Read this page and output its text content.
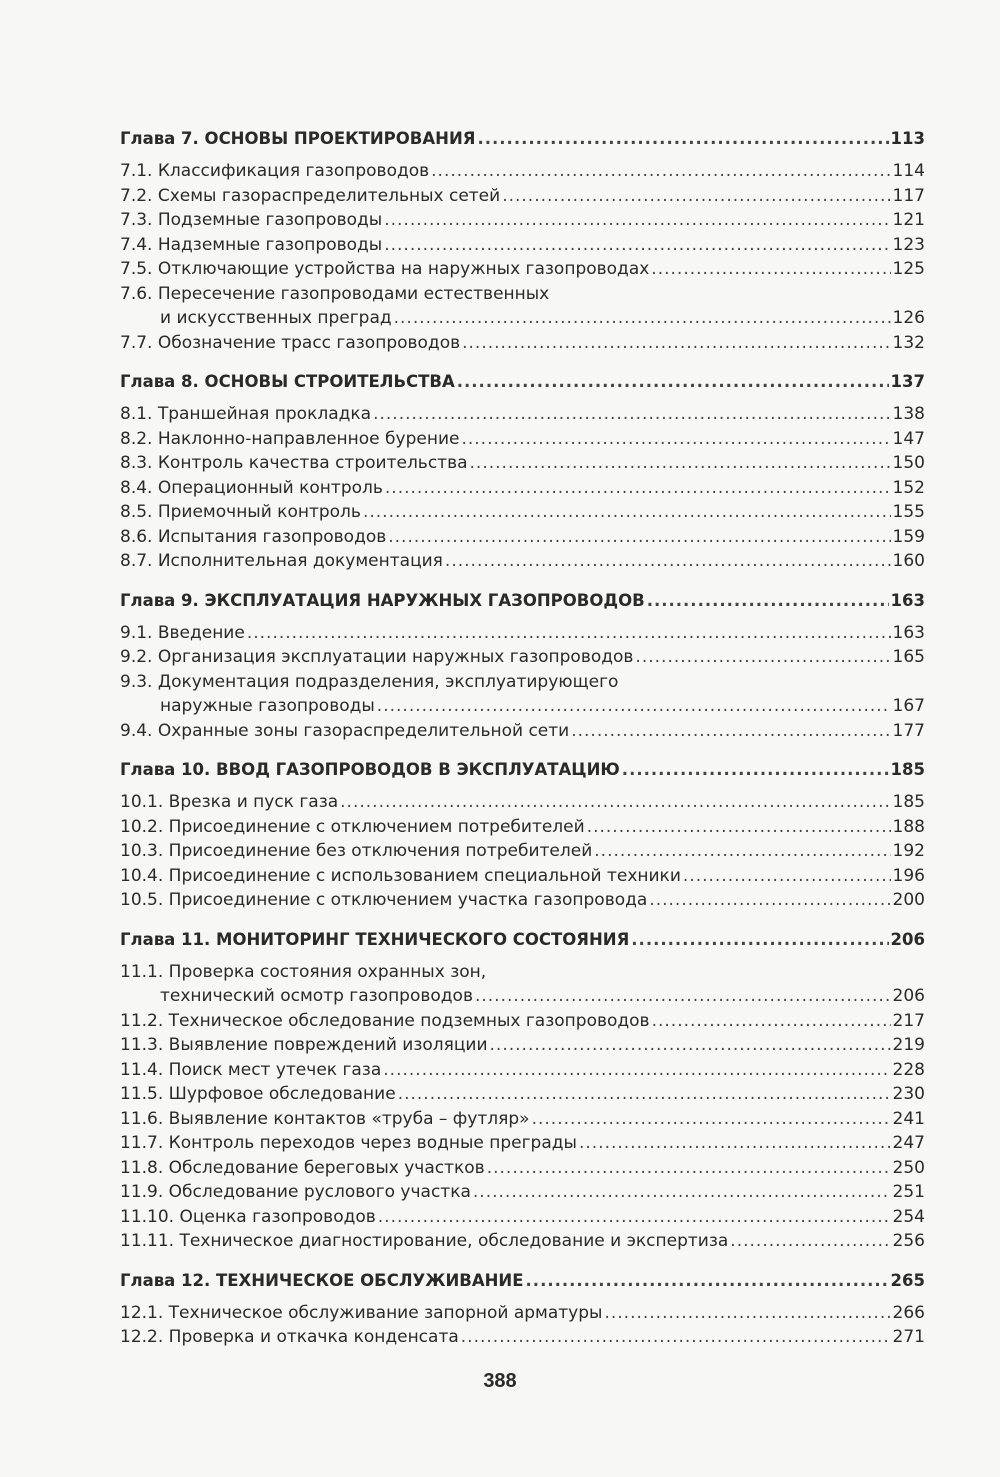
Глава 7. ОСНОВЫ ПРОЕКТИРОВАНИЯ .....	113
7.1. Классификация газопроводов .....	114
7.2. Схемы газораспределительных сетей .....	117
7.3. Подземные газопроводы .....	121
7.4. Надземные газопроводы .....	123
7.5. Отключающие устройства на наружных газопроводах .....	125
7.6. Пересечение газопроводами естественных
и искусственных преград .....	126
7.7. Обозначение трасс газопроводов .....	132
Глава 8. ОСНОВЫ СТРОИТЕЛЬСТВА .....	137
8.1. Траншейная прокладка .....	138
8.2. Наклонно-направленное бурение .....	147
8.3. Контроль качества строительства .....	150
8.4. Операционный контроль .....	152
8.5. Приемочный контроль .....	155
8.6. Испытания газопроводов .....	159
8.7. Исполнительная документация .....	160
Глава 9. ЭКСПЛУАТАЦИЯ НАРУЖНЫХ ГАЗОПРОВОДОВ .....	163
9.1. Введение .....	163
9.2. Организация эксплуатации наружных газопроводов .....	165
9.3. Документация подразделения, эксплуатирующего
наружные газопроводы .....	167
9.4. Охранные зоны газораспределительной сети .....	177
Глава 10. ВВОД ГАЗОПРОВОДОВ В ЭКСПЛУАТАЦИЮ .....	185
10.1. Врезка и пуск газа .....	185
10.2. Присоединение с отключением потребителей .....	188
10.3. Присоединение без отключения потребителей .....	192
10.4. Присоединение с использованием специальной техники .....	196
10.5. Присоединение с отключением участка газопровода .....	200
Глава 11. МОНИТОРИНГ ТЕХНИЧЕСКОГО СОСТОЯНИЯ .....	206
11.1. Проверка состояния охранных зон,
технический осмотр газопроводов .....	206
11.2. Техническое обследование подземных газопроводов .....	217
11.3. Выявление повреждений изоляции .....	219
11.4. Поиск мест утечек газа .....	228
11.5. Шурфовое обследование .....	230
11.6. Выявление контактов «труба – футляр» .....	241
11.7. Контроль переходов через водные преграды .....	247
11.8. Обследование береговых участков .....	250
11.9. Обследование руслового участка .....	251
11.10. Оценка газопроводов .....	254
11.11. Техническое диагностирование, обследование и экспертиза .....	256
Глава 12. ТЕХНИЧЕСКОЕ ОБСЛУЖИВАНИЕ .....	265
12.1. Техническое обслуживание запорной арматуры .....	266
12.2. Проверка и откачка конденсата .....	271
388
